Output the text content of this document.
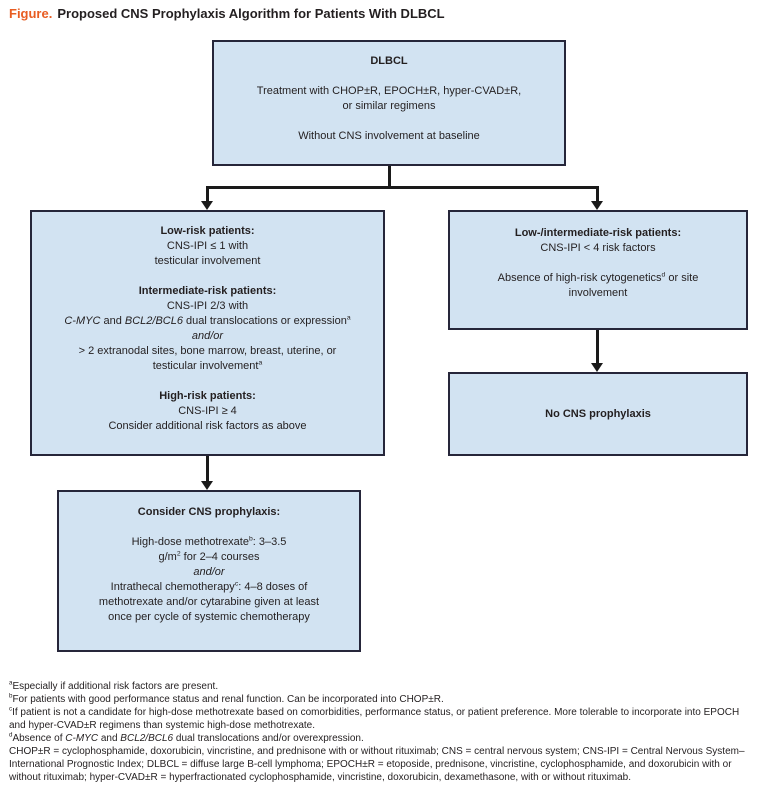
Figure. Proposed CNS Prophylaxis Algorithm for Patients With DLBCL
DLBCL

Treatment with CHOP±R, EPOCH±R, hyper-CVAD±R,
or similar regimens

Without CNS involvement at baseline
Low-risk patients:
CNS-IPI ≤ 1 with
testicular involvement

Intermediate-risk patients:
CNS-IPI 2/3 with
C-MYC and BCL2/BCL6 dual translocations or expression$^a$
and/or
> 2 extranodal sites, bone marrow, breast, uterine, or
testicular involvement$^a$

High-risk patients:
CNS-IPI ≥ 4
Consider additional risk factors as above
Low-/intermediate-risk patients:
CNS-IPI < 4 risk factors

Absence of high-risk cytogenetics$^d$ or site
involvement
No CNS prophylaxis
Consider CNS prophylaxis:

High-dose methotrexate$^b$: 3–3.5
$g/m^2$ for 2–4 courses
and/or
Intrathecal chemotherapy$^c$: 4–8 doses of
methotrexate and/or cytarabine given at least
once per cycle of systemic chemotherapy
$^a$Especially if additional risk factors are present.
$^b$For patients with good performance status and renal function. Can be incorporated into CHOP±R.
$^c$If patient is not a candidate for high-dose methotrexate based on comorbidities, performance status, or patient preference. More tolerable to incorporate into EPOCH and hyper-CVAD±R regimens than systemic high-dose methotrexate.
$^d$Absence of C-MYC and BCL2/BCL6 dual translocations and/or overexpression.
CHOP±R = cyclophosphamide, doxorubicin, vincristine, and prednisone with or without rituximab; CNS = central nervous system; CNS-IPI = Central Nervous System–International Prognostic Index; DLBCL = diffuse large B-cell lymphoma; EPOCH±R = etoposide, prednisone, vincristine, cyclophosphamide, and doxorubicin with or without rituximab; hyper-CVAD±R = hyperfractionated cyclophosphamide, vincristine, doxorubicin, dexamethasone, with or without rituximab.
